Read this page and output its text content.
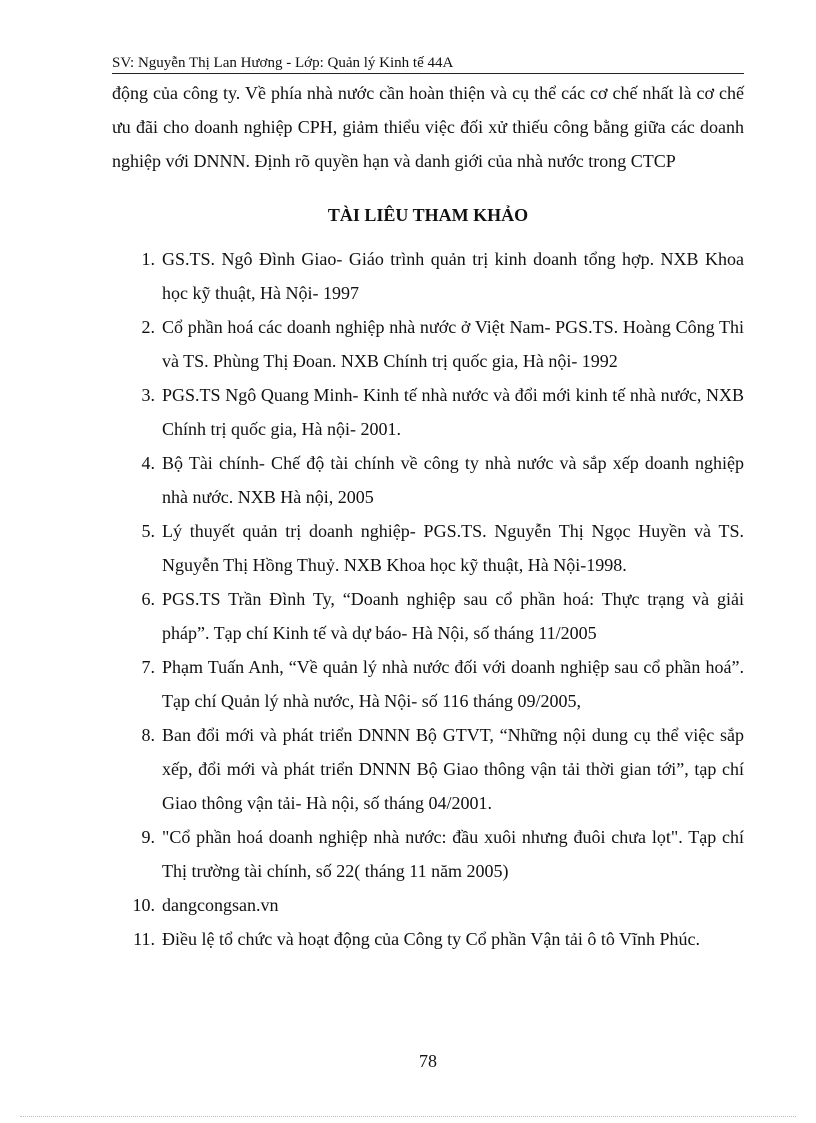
SV: Nguyễn Thị Lan Hương - Lớp: Quản lý Kinh tế 44A

động của công ty. Về phía nhà nước cần hoàn thiện và cụ thể các cơ chế nhất là cơ chế ưu đãi cho doanh nghiệp CPH, giảm thiểu việc đối xử thiếu công bằng giữa các doanh nghiệp với DNNN. Định rõ quyền hạn và danh giới của nhà nước trong CTCP

TÀI LIÊU THAM KHẢO
1. GS.TS. Ngô Đình Giao- Giáo trình quản trị kinh doanh tổng hợp. NXB Khoa học kỹ thuật, Hà Nội- 1997
2. Cổ phần hoá các doanh nghiệp nhà nước ở Việt Nam- PGS.TS. Hoàng Công Thi và TS. Phùng Thị Đoan. NXB Chính trị quốc gia, Hà nội- 1992
3. PGS.TS Ngô Quang Minh- Kinh tế nhà nước và đổi mới kinh tế nhà nước, NXB Chính trị quốc gia, Hà nội- 2001.
4. Bộ Tài chính- Chế độ tài chính về công ty nhà nước và sắp xếp doanh nghiệp nhà nước. NXB Hà nội, 2005
5. Lý thuyết quản trị doanh nghiệp- PGS.TS. Nguyễn Thị Ngọc Huyền và TS. Nguyễn Thị Hồng Thuỷ. NXB Khoa học kỹ thuật, Hà Nội-1998.
6. PGS.TS Trần Đình Ty, “Doanh nghiệp sau cổ phần hoá: Thực trạng và giải pháp”. Tạp chí Kinh tế và dự báo- Hà Nội, số tháng 11/2005
7. Phạm Tuấn Anh, “Về quản lý nhà nước đối với doanh nghiệp sau cổ phần hoá”. Tạp chí Quản lý nhà nước, Hà Nội- số 116 tháng 09/2005,
8. Ban đổi mới và phát triển DNNN Bộ GTVT, “Những nội dung cụ thể việc sắp xếp, đổi mới và phát triển DNNN Bộ Giao thông vận tải thời gian tới”, tạp chí Giao thông vận tải- Hà nội, số tháng 04/2001.
9. "Cổ phần hoá doanh nghiệp nhà nước: đầu xuôi nhưng đuôi chưa lọt". Tạp chí Thị trường tài chính, số 22( tháng 11 năm 2005)
10. dangcongsan.vn
11. Điều lệ tổ chức và hoạt động của Công ty Cổ phần Vận tải ô tô Vĩnh Phúc.
78
